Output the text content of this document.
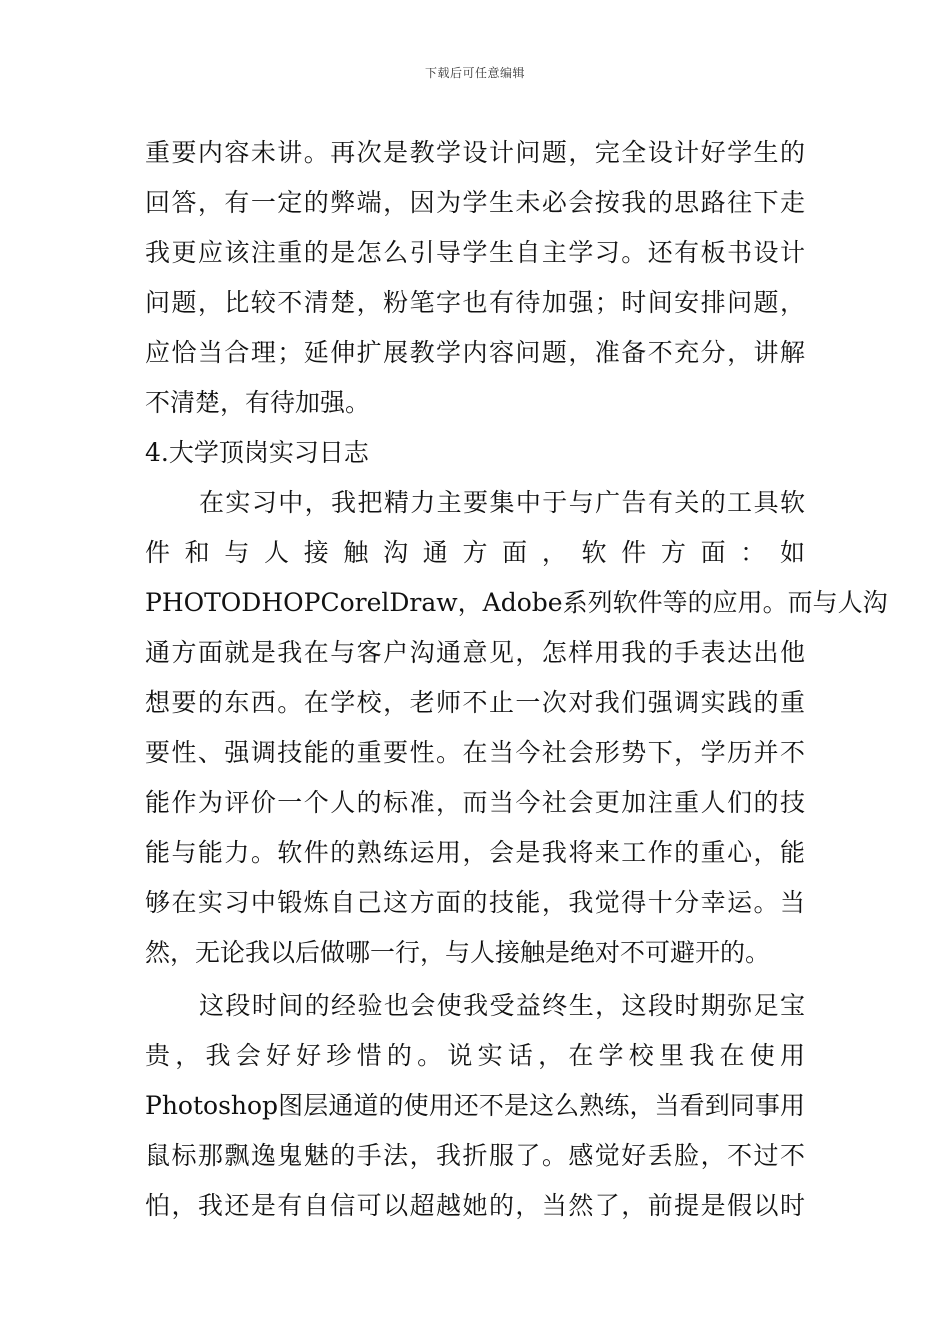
下载后可任意编辑
重要内容未讲。再次是教学设计问题，完全设计好学生的
回答，有一定的弊端，因为学生未必会按我的思路往下走
我更应该注重的是怎么引导学生自主学习。还有板书设计
问题，比较不清楚，粉笔字也有待加强；时间安排问题，
应恰当合理；延伸扩展教学内容问题，准备不充分，讲解
不清楚，有待加强。
4.大学顶岗实习日志
在实习中，我把精力主要集中于与广告有关的工具软
件和与人接触沟通方面，软件方面：如
PHOTODHOPCorelDraw，Adobe系列软件等的应用。而与人沟
通方面就是我在与客户沟通意见，怎样用我的手表达出他
想要的东西。在学校，老师不止一次对我们强调实践的重
要性、强调技能的重要性。在当今社会形势下，学历并不
能作为评价一个人的标准，而当今社会更加注重人们的技
能与能力。软件的熟练运用，会是我将来工作的重心，能
够在实习中锻炼自己这方面的技能，我觉得十分幸运。当
然，无论我以后做哪一行，与人接触是绝对不可避开的。
这段时间的经验也会使我受益终生，这段时期弥足宝
贵，我会好好珍惜的。说实话，在学校里我在使用
Photoshop图层通道的使用还不是这么熟练，当看到同事用
鼠标那飘逸鬼魅的手法，我折服了。感觉好丢脸，不过不
怕，我还是有自信可以超越她的，当然了，前提是假以时
